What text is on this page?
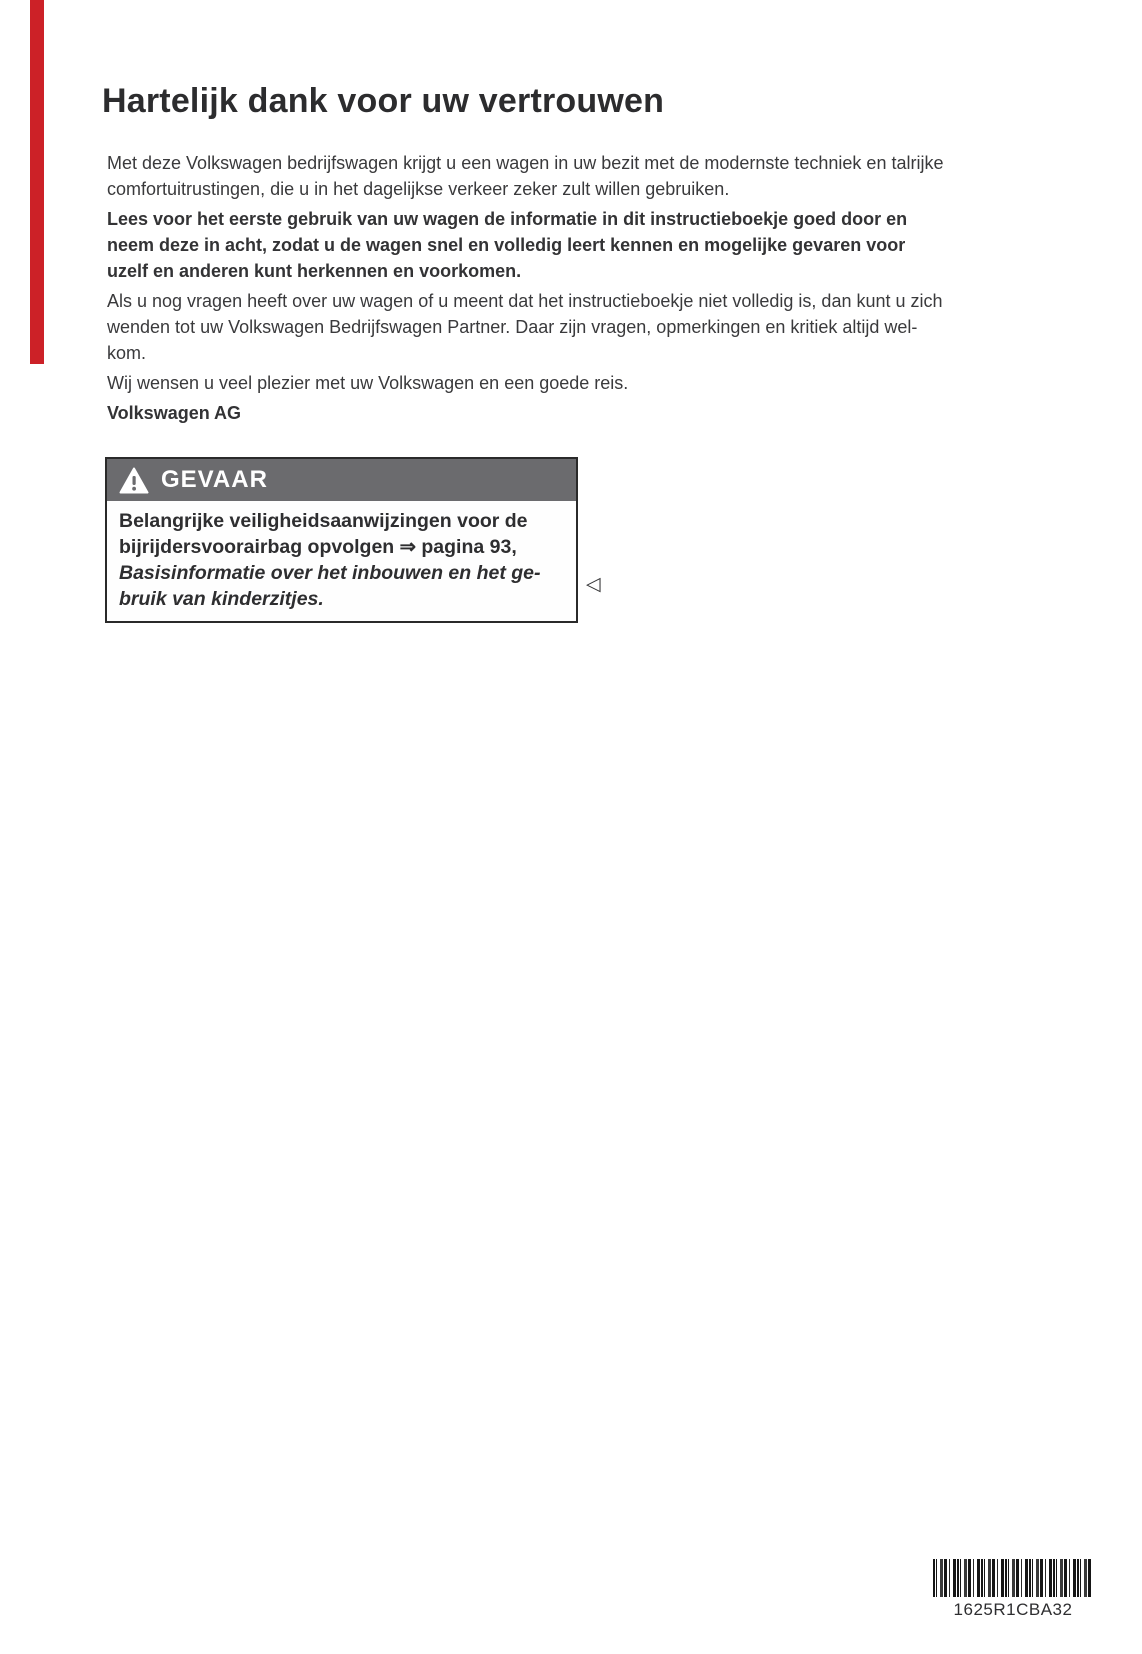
Hartelijk dank voor uw vertrouwen

Met deze Volkswagen bedrijfswagen krijgt u een wagen in uw bezit met de modernste techniek en talrijke
comfortuitrustingen, die u in het dagelijkse verkeer zeker zult willen gebruiken.

Lees voor het eerste gebruik van uw wagen de informatie in dit instructieboekje goed door en
neem deze in acht, zodat u de wagen snel en volledig leert kennen en mogelijke gevaren voor
uzelf en anderen kunt herkennen en voorkomen.

Als u nog vragen heeft over uw wagen of u meent dat het instructieboekje niet volledig is, dan kunt u zich
wenden tot uw Volkswagen Bedrijfswagen Partner. Daar zijn vragen, opmerkingen en kritiek altijd wel-
kom.

Wij wensen u veel plezier met uw Volkswagen en een goede reis.

Volkswagen AG

GEVAAR
Belangrijke veiligheidsaanwijzingen voor de
bijrijdersvoorairbag opvolgen ⇒ pagina 93,
Basisinformatie over het inbouwen en het ge-
bruik van kinderzitjes.
◁
1625R1CBA32
